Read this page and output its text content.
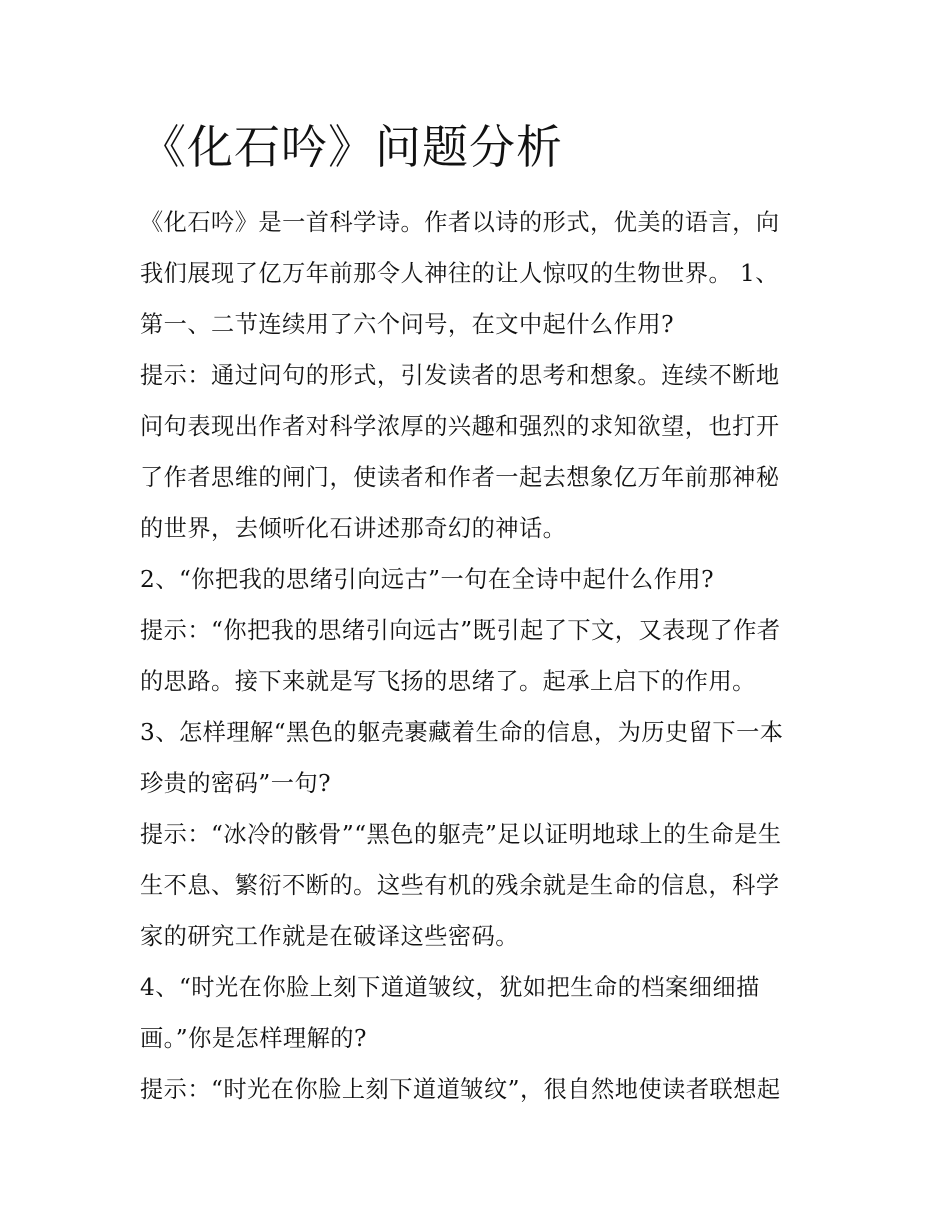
《化石吟》问题分析
《化石吟》是一首科学诗。作者以诗的形式，优美的语言，向
我们展现了亿万年前那令人神往的让人惊叹的生物世界。 1、
第一、二节连续用了六个问号，在文中起什么作用?
提示：通过问句的形式，引发读者的思考和想象。连续不断地
问句表现出作者对科学浓厚的兴趣和强烈的求知欲望，也打开
了作者思维的闸门，使读者和作者一起去想象亿万年前那神秘
的世界，去倾听化石讲述那奇幻的神话。
2、“你把我的思绪引向远古”一句在全诗中起什么作用?
提示：“你把我的思绪引向远古”既引起了下文，又表现了作者
的思路。接下来就是写飞扬的思绪了。起承上启下的作用。
3、怎样理解“黑色的躯壳裹藏着生命的信息，为历史留下一本
珍贵的密码”一句?
提示：“冰冷的骸骨”“黑色的躯壳”足以证明地球上的生命是生
生不息、繁衍不断的。这些有机的残余就是生命的信息，科学
家的研究工作就是在破译这些密码。
4、“时光在你脸上刻下道道皱纹，犹如把生命的档案细细描
画。”你是怎样理解的?
提示：“时光在你脸上刻下道道皱纹”，很自然地使读者联想起
